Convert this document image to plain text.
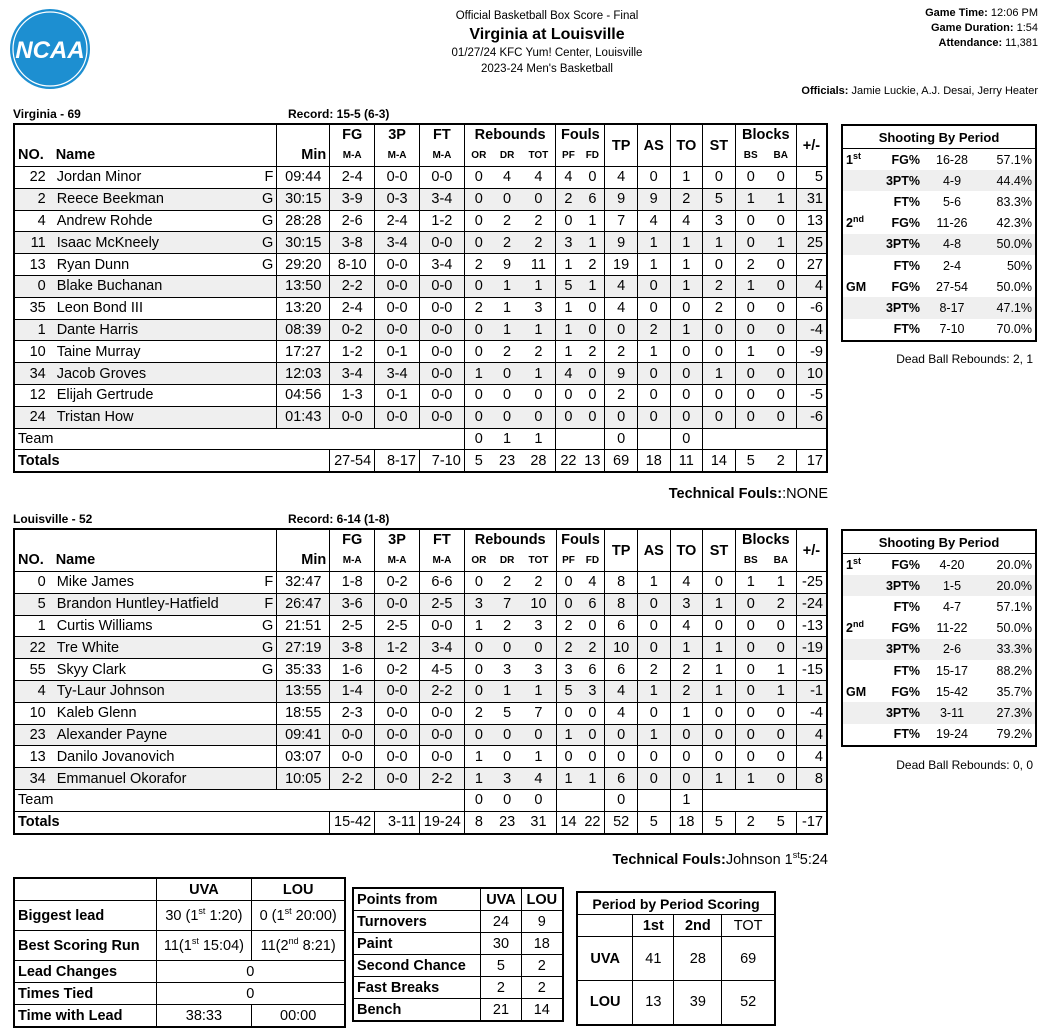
NCAA
Official Basketball Box Score - Final
Virginia at Louisville
01/27/24 KFC Yum! Center, Louisville
2023-24 Men's Basketball
Game Time: 12:06 PM
Game Duration: 1:54
Attendance: 11,381
Officials: Jamie Luckie, A.J. Desai, Jerry Heater
Virginia - 69	Record: 15-5 (6-3)
			FG	3P	FT	Rebounds			Fouls		TP	AS	TO	ST	Blocks		+/-
NO.	Name	Min	M-A	M-A	M-A	OR	DR	TOT	PF	FD					BS	BA	
22	Jordan Minor F	09:44	2-4	0-0	0-0	0	4	4	4	0	4	0	1	0	0	0	5
2	Reece Beekman G	30:15	3-9	0-3	3-4	0	0	0	2	6	9	9	2	5	1	1	31
4	Andrew Rohde G	28:28	2-6	2-4	1-2	0	2	2	0	1	7	4	4	3	0	0	13
11	Isaac McKneely G	30:15	3-8	3-4	0-0	0	2	2	3	1	9	1	1	1	0	1	25
13	Ryan Dunn G	29:20	8-10	0-0	3-4	2	9	11	1	2	19	1	1	0	2	0	27
0	Blake Buchanan	13:50	2-2	0-0	0-0	0	1	1	5	1	4	0	1	2	1	0	4
35	Leon Bond III	13:20	2-4	0-0	0-0	2	1	3	1	0	4	0	0	2	0	0	-6
1	Dante Harris	08:39	0-2	0-0	0-0	0	1	1	1	0	0	2	1	0	0	0	-4
10	Taine Murray	17:27	1-2	0-1	0-0	0	2	2	1	2	2	1	0	0	1	0	-9
34	Jacob Groves	12:03	3-4	3-4	0-0	1	0	1	4	0	9	0	0	1	0	0	10
12	Elijah Gertrude	04:56	1-3	0-1	0-0	0	0	0	0	0	2	0	0	0	0	0	-5
24	Tristan How	01:43	0-0	0-0	0-0	0	0	0	0	0	0	0	0	0	0	0	-6
Team						0	1	1			0		0				
Totals			27-54	8-17	7-10	5	23	28	22	13	69	18	11	14	5	2	17
Technical Fouls::NONE
Shooting By Period			
1st	FG%	16-28	57.1%
	3PT%	4-9	44.4%
	FT%	5-6	83.3%
2nd	FG%	11-26	42.3%
	3PT%	4-8	50.0%
	FT%	2-4	50%
GM	FG%	27-54	50.0%
	3PT%	8-17	47.1%
	FT%	7-10	70.0%
Dead Ball Rebounds: 2, 1
Louisville - 52	Record: 6-14 (1-8)
			FG	3P	FT	Rebounds			Fouls		TP	AS	TO	ST	Blocks		+/-
NO.	Name	Min	M-A	M-A	M-A	OR	DR	TOT	PF	FD					BS	BA	
0	Mike James F	32:47	1-8	0-2	6-6	0	2	2	0	4	8	1	4	0	1	1	-25
5	Brandon Huntley-Hatfield F	26:47	3-6	0-0	2-5	3	7	10	0	6	8	0	3	1	0	2	-24
1	Curtis Williams G	21:51	2-5	2-5	0-0	1	2	3	2	0	6	0	4	0	0	0	-13
22	Tre White G	27:19	3-8	1-2	3-4	0	0	0	2	2	10	0	1	1	0	0	-19
55	Skyy Clark G	35:33	1-6	0-2	4-5	0	3	3	3	6	6	2	2	1	0	1	-15
4	Ty-Laur Johnson	13:55	1-4	0-0	2-2	0	1	1	5	3	4	1	2	1	0	1	-1
10	Kaleb Glenn	18:55	2-3	0-0	0-0	2	5	7	0	0	4	0	1	0	0	0	-4
23	Alexander Payne	09:41	0-0	0-0	0-0	0	0	0	1	0	0	1	0	0	0	0	4
13	Danilo Jovanovich	03:07	0-0	0-0	0-0	1	0	1	0	0	0	0	0	0	0	0	4
34	Emmanuel Okorafor	10:05	2-2	0-0	2-2	1	3	4	1	1	6	0	0	1	1	0	8
Team						0	0	0			0		1				
Totals			15-42	3-11	19-24	8	23	31	14	22	52	5	18	5	2	5	-17
Technical Fouls:Johnson 1st5:24
Shooting By Period			
1st	FG%	4-20	20.0%
	3PT%	1-5	20.0%
	FT%	4-7	57.1%
2nd	FG%	11-22	50.0%
	3PT%	2-6	33.3%
	FT%	15-17	88.2%
GM	FG%	15-42	35.7%
	3PT%	3-11	27.3%
	FT%	19-24	79.2%
Dead Ball Rebounds: 0, 0
	UVA	LOU
Biggest lead	30 (1st 1:20)	0 (1st 20:00)
Best Scoring Run	11(1st 15:04)	11(2nd 8:21)
Lead Changes	0	
Times Tied	0	
Time with Lead	38:33	00:00
Points from	UVA	LOU
Turnovers	24	9
Paint	30	18
Second Chance	5	2
Fast Breaks	2	2
Bench	21	14
Period by Period Scoring			
	1st	2nd	TOT
UVA	41	28	69
LOU	13	39	52
